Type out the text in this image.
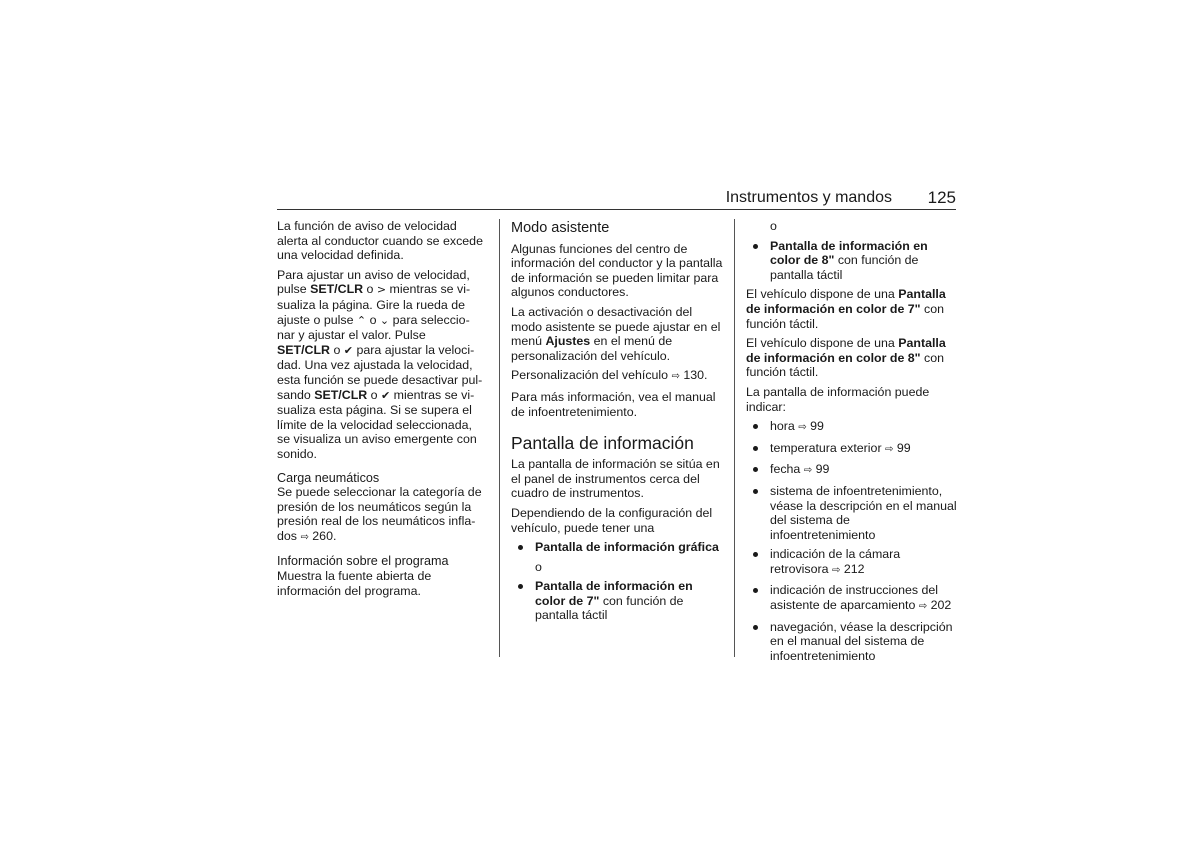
Instrumentos y mandos 125

La función de aviso de velocidad alerta al conductor cuando se excede una velocidad definida.

Para ajustar un aviso de velocidad,
pulse SET/CLR o > mientras se vi-
sualiza la página. Gire la rueda de
ajuste o pulse ⌃ o ⌄ para seleccio-
nar y ajustar el valor. Pulse
SET/CLR o ✔ para ajustar la veloci-
dad. Una vez ajustada la velocidad,
esta función se puede desactivar pul-
sando SET/CLR o ✔ mientras se vi-
sualiza esta página. Si se supera el
límite de la velocidad seleccionada,
se visualiza un aviso emergente con
sonido.

Carga neumáticos

Se puede seleccionar la categoría de presión de los neumáticos según la presión real de los neumáticos infla- dos ⇨ 260.

Información sobre el programa

Muestra la fuente abierta de información del programa.

Modo asistente

Algunas funciones del centro de información del conductor y la pantalla de información se pueden limitar para algunos conductores.

La activación o desactivación del modo asistente se puede ajustar en el menú Ajustes en el menú de personalización del vehículo.

Personalización del vehículo ⇨ 130.

Para más información, vea el manual de infoentretenimiento.

Pantalla de información

La pantalla de información se sitúa en el panel de instrumentos cerca del cuadro de instrumentos.

Dependiendo de la configuración del vehículo, puede tener una

Pantalla de información gráfica
o
Pantalla de información en color de 7" con función de pantalla táctil
o
Pantalla de información en color de 8" con función de pantalla táctil

El vehículo dispone de una Pantalla de información en color de 7" con función táctil.

El vehículo dispone de una Pantalla de información en color de 8" con función táctil.

La pantalla de información puede indicar:

hora ⇨ 99
temperatura exterior ⇨ 99
fecha ⇨ 99
sistema de infoentretenimiento, véase la descripción en el manual del sistema de infoentretenimiento
indicación de la cámara retrovisora ⇨ 212
indicación de instrucciones del asistente de aparcamiento ⇨ 202
navegación, véase la descripción en el manual del sistema de infoentretenimiento
